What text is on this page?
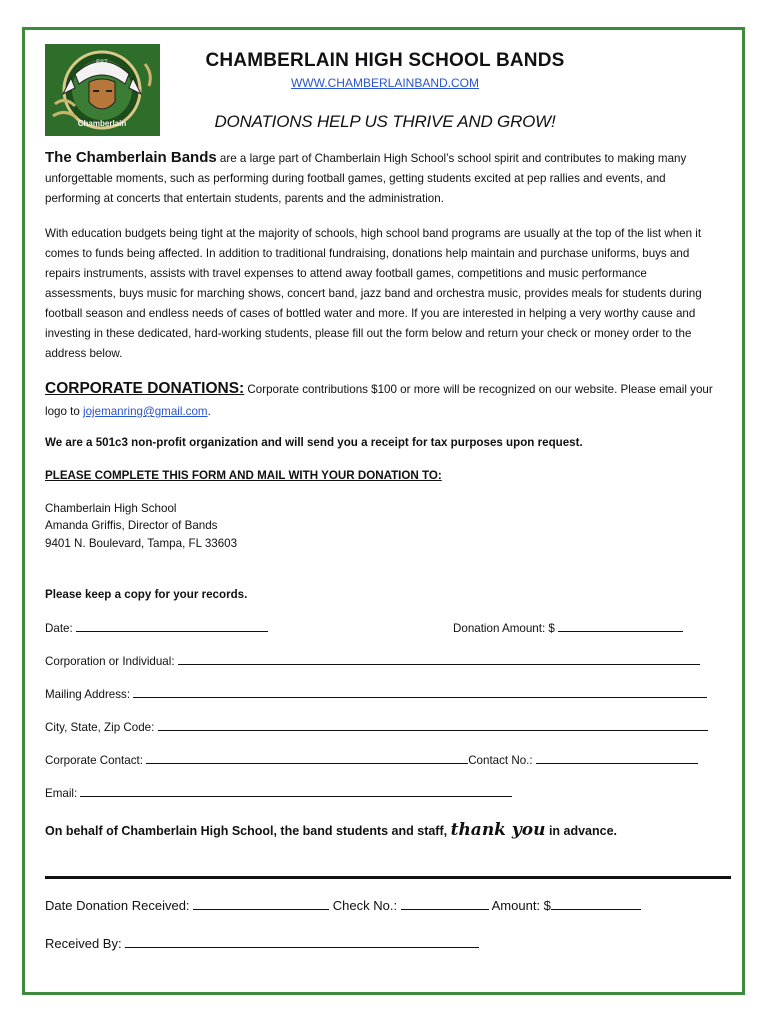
EST
Chamberlain
CHAMBERLAIN HIGH SCHOOL BANDS
WWW.CHAMBERLAINBAND.COM
DONATIONS HELP US THRIVE AND GROW!
The Chamberlain Bands are a large part of Chamberlain High School’s school spirit and contributes to making many unforgettable moments, such as performing during football games, getting students excited at pep rallies and events, and performing at concerts that entertain students, parents and the administration.
With education budgets being tight at the majority of schools, high school band programs are usually at the top of the list when it comes to funds being affected. In addition to traditional fundraising, donations help maintain and purchase uniforms, buys and repairs instruments, assists with travel expenses to attend away football games, competitions and music performance assessments, buys music for marching shows, concert band, jazz band and orchestra music, provides meals for students during football season and endless needs of cases of bottled water and more. If you are interested in helping a very worthy cause and investing in these dedicated, hard-working students, please fill out the form below and return your check or money order to the address below.
CORPORATE DONATIONS: Corporate contributions $100 or more will be recognized on our website. Please email your logo to jojemanring@gmail.com.
We are a 501c3 non-profit organization and will send you a receipt for tax purposes upon request.
PLEASE COMPLETE THIS FORM AND MAIL WITH YOUR DONATION TO:
Chamberlain High School
Amanda Griffis, Director of Bands
9401 N. Boulevard, Tampa, FL 33603
Please keep a copy for your records.
Date:	Donation Amount: $
Corporation or Individual:
Mailing Address:
City, State, Zip Code:
Corporate Contact:	Contact No.:
Email:
On behalf of Chamberlain High School, the band students and staff, thank you in advance.
Date Donation Received:	Check No.:	Amount: $
Received By:
